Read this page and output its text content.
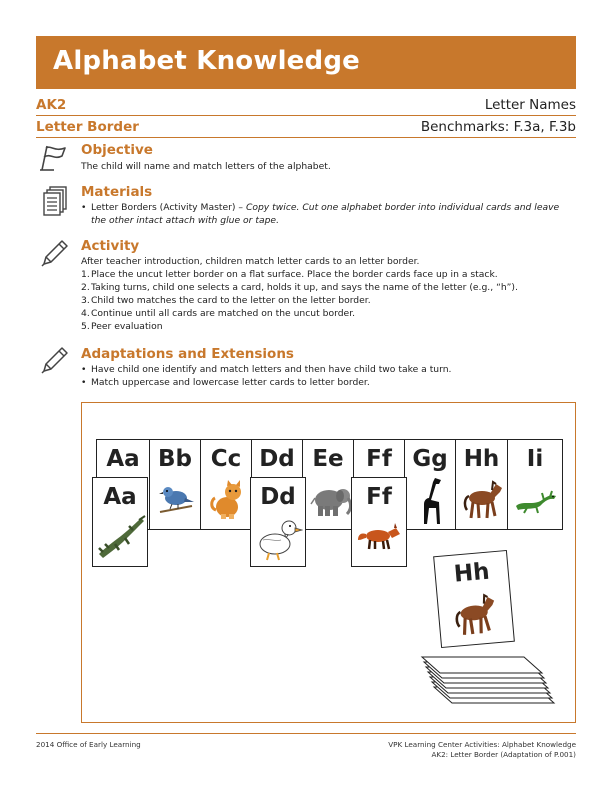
Alphabet Knowledge
AK2	Letter Names
Letter Border	Benchmarks: F.3a, F.3b
Objective
The child will name and match letters of the alphabet.
Materials
• Letter Borders (Activity Master) – Copy twice. Cut one alphabet border into individual cards and leave the other intact attach with glue or tape.
Activity
After teacher introduction, children match letter cards to an letter border.
1. Place the uncut letter border on a flat surface. Place the border cards face up in a stack.
2. Taking turns, child one selects a card, holds it up, and says the name of the letter (e.g., “h”).
3. Child two matches the card to the letter on the letter border.
4. Continue until all cards are matched on the uncut border.
5. Peer evaluation
Adaptations and Extensions
• Have child one identify and match letters and then have child two take a turn.
• Match uppercase and lowercase letter cards to letter border.
Aa Bb Cc Dd Ee Ff Gg Hh	Ii
Aa	Dd	Ff
Hh
2014 Office of Early Learning	VPK Learning Center Activities: Alphabet Knowledge
AK2: Letter Border (Adaptation of P.001)
